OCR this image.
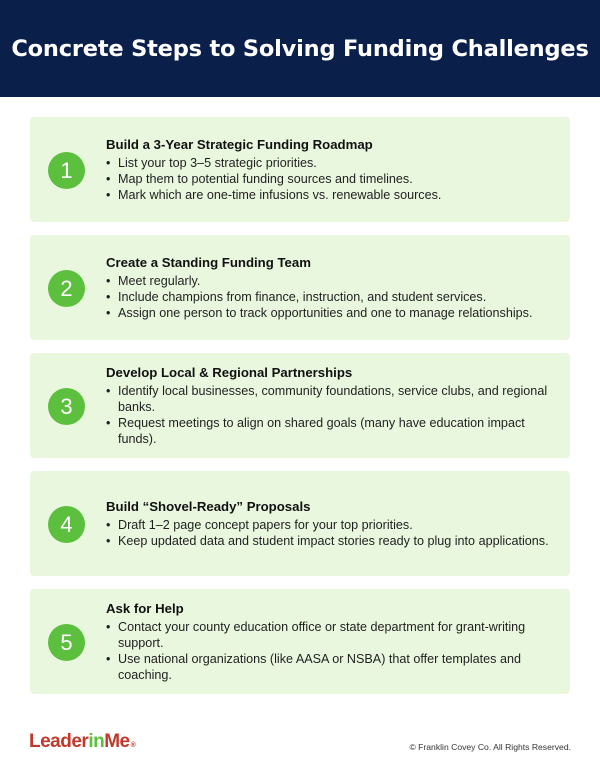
Concrete Steps to Solving Funding Challenges
1
Build a 3-Year Strategic Funding Roadmap
• List your top 3–5 strategic priorities.
• Map them to potential funding sources and timelines.
• Mark which are one-time infusions vs. renewable sources.
2
Create a Standing Funding Team
• Meet regularly.
• Include champions from finance, instruction, and student services.
• Assign one person to track opportunities and one to manage relationships.
3
Develop Local & Regional Partnerships
• Identify local businesses, community foundations, service clubs, and regional banks.
• Request meetings to align on shared goals (many have education impact funds).
4
Build “Shovel-Ready” Proposals
• Draft 1–2 page concept papers for your top priorities.
• Keep updated data and student impact stories ready to plug into applications.
5
Ask for Help
• Contact your county education office or state department for grant-writing support.
• Use national organizations (like AASA or NSBA) that offer templates and coaching.
Leader in Me ®	© Franklin Covey Co. All Rights Reserved.
